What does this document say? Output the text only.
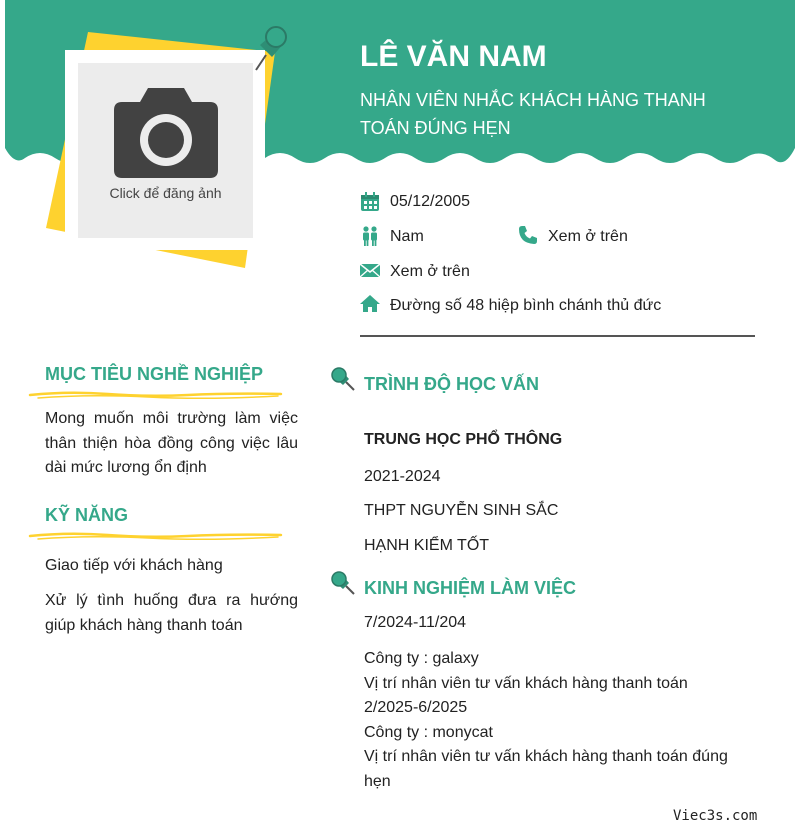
Click để đăng ảnh
LÊ VĂN NAM
NHÂN VIÊN NHẮC KHÁCH HÀNG THANH TOÁN ĐÚNG HẸN
05/12/2005
Nam	Xem ở trên
Xem ở trên
Đường số 48 hiệp bình chánh thủ đức
MỤC TIÊU NGHỀ NGHIỆP
Mong muốn môi trường làm việc thân thiện hòa đồng công việc lâu dài mức lương ổn định
KỸ NĂNG
Giao tiếp với khách hàng
Xử lý tình huống đưa ra hướng giúp khách hàng thanh toán
TRÌNH ĐỘ HỌC VẤN
TRUNG HỌC PHỔ THÔNG
2021-2024
THPT NGUYỄN SINH SẮC
HẠNH KIỂM TỐT
KINH NGHIỆM LÀM VIỆC
7/2024-11/204
Công ty : galaxy
Vị trí nhân viên tư vấn khách hàng thanh toán
2/2025-6/2025
Công ty : monycat
Vị trí nhân viên tư vấn khách hàng thanh toán đúng hẹn
Viec3s.com
